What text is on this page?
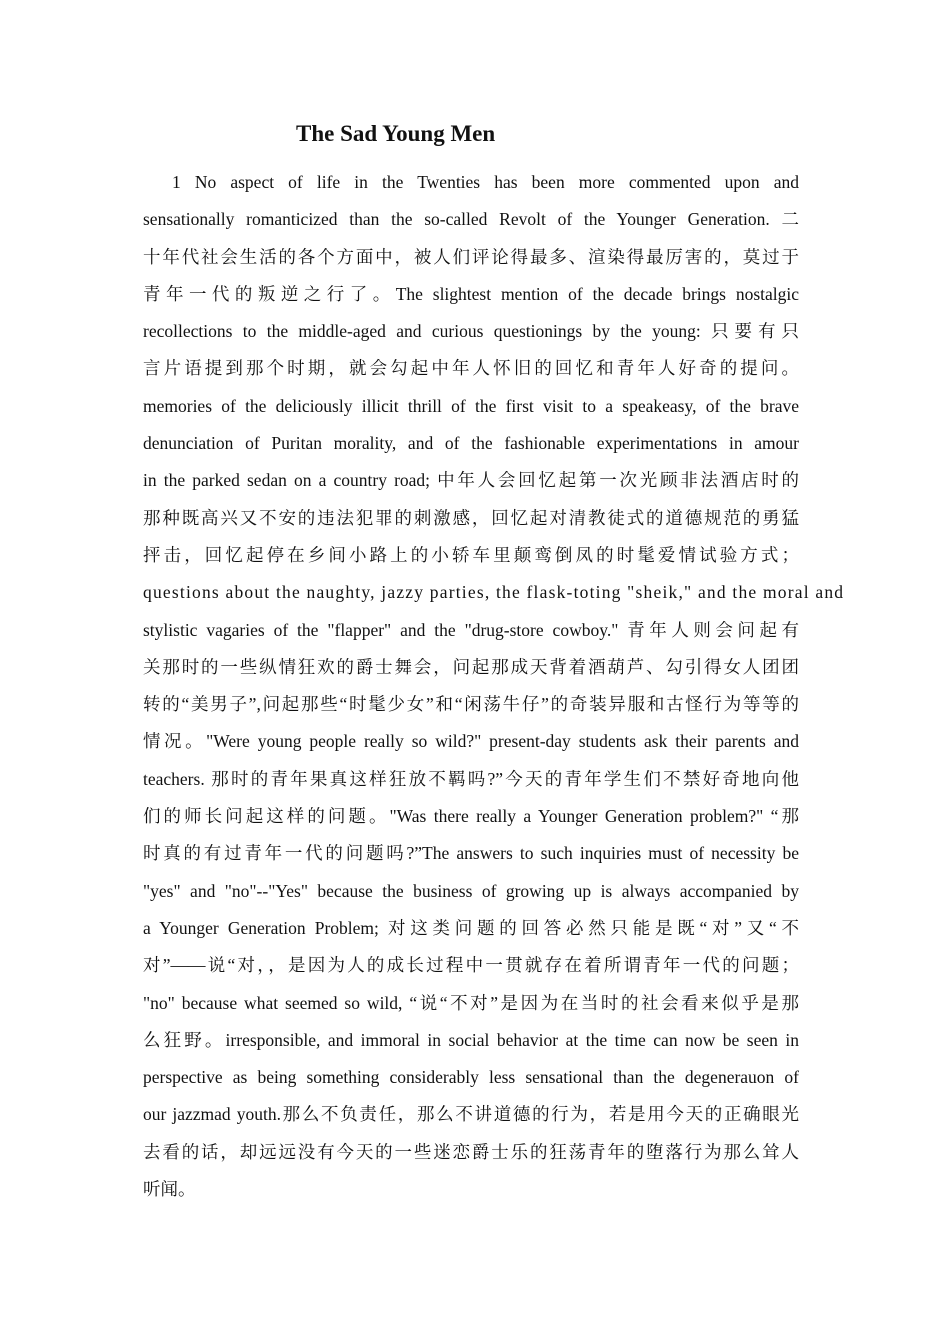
The Sad Young Men
1 No aspect of life in the Twenties has been more commented upon and
sensationally romanticized than the so-called Revolt of the Younger Generation. 二
十年代社会生活的各个方面中，被人们评论得最多、渲染得最厉害的，莫过于
青年一代的叛逆之行了。The slightest mention of the decade brings nostalgic
recollections to the middle-aged and curious questionings by the young: 只要有只
言片语提到那个时期，就会勾起中年人怀旧的回忆和青年人好奇的提问。
memories of the deliciously illicit thrill of the first visit to a speakeasy, of the brave
denunciation of Puritan morality, and of the fashionable experimentations in amour
in the parked sedan on a country road; 中年人会回忆起第一次光顾非法酒店时的
那种既高兴又不安的违法犯罪的刺激感，回忆起对清教徒式的道德规范的勇猛
抨击，回忆起停在乡间小路上的小轿车里颠鸾倒凤的时髦爱情试验方式；
questions about the naughty, jazzy parties, the flask-toting "sheik," and the moral and
stylistic vagaries of the "flapper" and the "drug-store cowboy." 青年人则会问起有
关那时的一些纵情狂欢的爵士舞会，问起那成天背着酒葫芦、勾引得女人团团
转的“美男子”,问起那些“时髦少女”和“闲荡牛仔”的奇装异服和古怪行为等等的
情况。"Were young people really so wild?" present-day students ask their parents and
teachers. 那时的青年果真这样狂放不羁吗?”今天的青年学生们不禁好奇地向他
们的师长问起这样的问题。"Was there really a Younger Generation problem?" “那
时真的有过青年一代的问题吗?”The answers to such inquiries must of necessity be
"yes" and "no"--"Yes" because the business of growing up is always accompanied by
a Younger Generation Problem; 对这类问题的回答必然只能是既“对”又“不
对”——说“对，，是因为人的成长过程中一贯就存在着所谓青年一代的问题；
"no" because what seemed so wild, “说“不对”是因为在当时的社会看来似乎是那
么狂野。irresponsible, and immoral in social behavior at the time can now be seen in
perspective as being something considerably less sensational than the degenerauon of
our jazzmad youth.那么不负责任，那么不讲道德的行为，若是用今天的正确眼光
去看的话，却远远没有今天的一些迷恋爵士乐的狂荡青年的堕落行为那么耸人
听闻。
